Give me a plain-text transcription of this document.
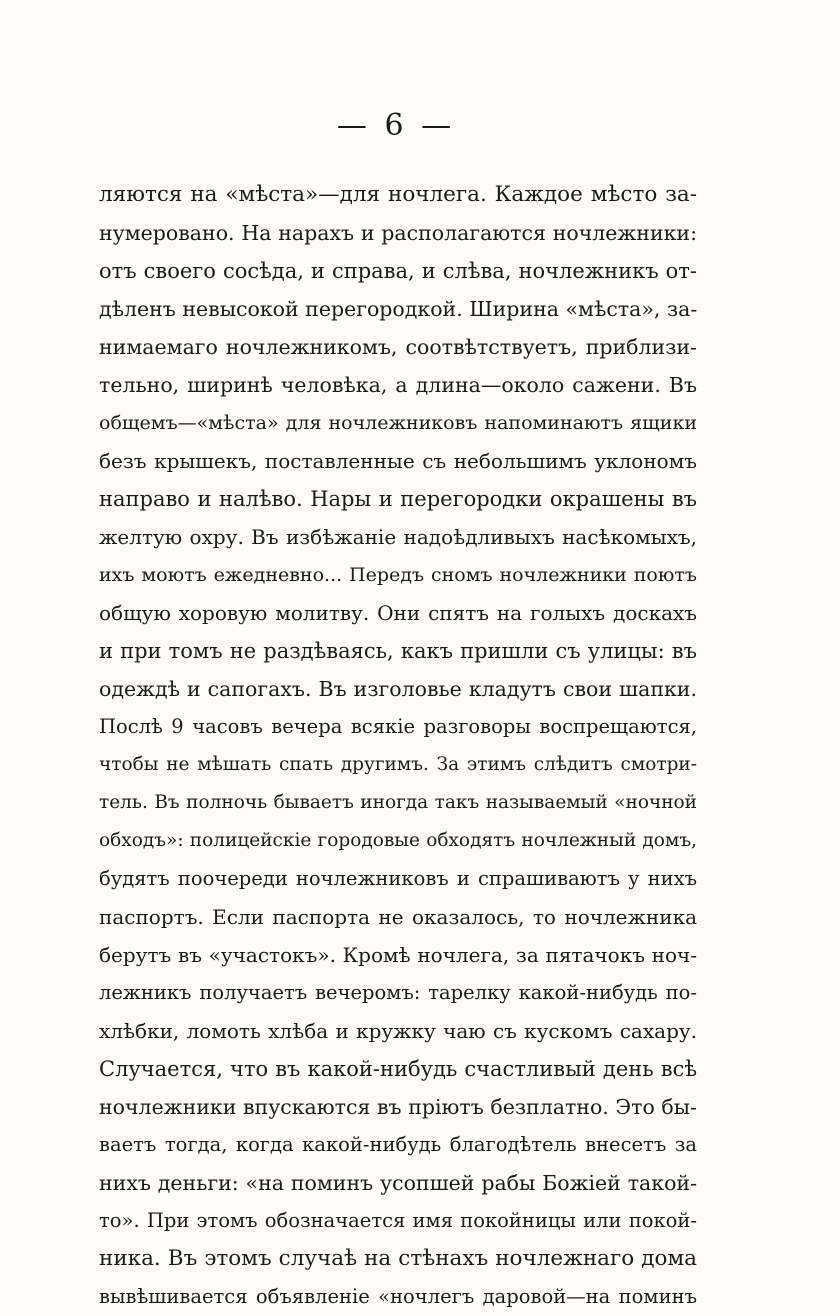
— 6 —
ляются на «мѣста»—для ночлега. Каждое мѣсто за-
нумеровано. На нарахъ и располагаются ночлежники:
отъ своего сосѣда, и справа, и слѣва, ночлежникъ от-
дѣленъ невысокой перегородкой. Ширина «мѣста», за-
нимаемаго ночлежникомъ, соотвѣтствуетъ, приблизи-
тельно, ширинѣ человѣка, а длина—около сажени. Въ
общемъ—«мѣста» для ночлежниковъ напоминаютъ ящики
безъ крышекъ, поставленные съ небольшимъ уклономъ
направо и налѣво. Нары и перегородки окрашены въ
желтую охру. Въ избѣжаніе надоѣдливыхъ насѣкомыхъ,
ихъ моютъ ежедневно... Передъ сномъ ночлежники поютъ
общую хоровую молитву. Они спятъ на голыхъ доскахъ
и при томъ не раздѣваясь, какъ пришли съ улицы: въ
одеждѣ и сапогахъ. Въ изголовье кладутъ свои шапки.
Послѣ 9 часовъ вечера всякіе разговоры воспрещаются,
чтобы не мѣшать спать другимъ. За этимъ слѣдитъ смотри-
тель. Въ полночь бываетъ иногда такъ называемый «ночной
обходъ»: полицейскіе городовые обходятъ ночлежный домъ,
будятъ поочереди ночлежниковъ и спрашиваютъ у нихъ
паспортъ. Если паспорта не оказалось, то ночлежника
берутъ въ «участокъ». Кромѣ ночлега, за пятачокъ ноч-
лежникъ получаетъ вечеромъ: тарелку какой-нибудь по-
хлѣбки, ломоть хлѣба и кружку чаю съ кускомъ сахару.
Случается, что въ какой-нибудь счастливый день всѣ
ночлежники впускаются въ пріютъ безплатно. Это бы-
ваетъ тогда, когда какой-нибудь благодѣтель внесетъ за
нихъ деньги: «на поминъ усопшей рабы Божіей такой-
то». При этомъ обозначается имя покойницы или покой-
ника. Въ этомъ случаѣ на стѣнахъ ночлежнаго дома
вывѣшивается объявленіе «ночлегъ даровой—на поминъ
